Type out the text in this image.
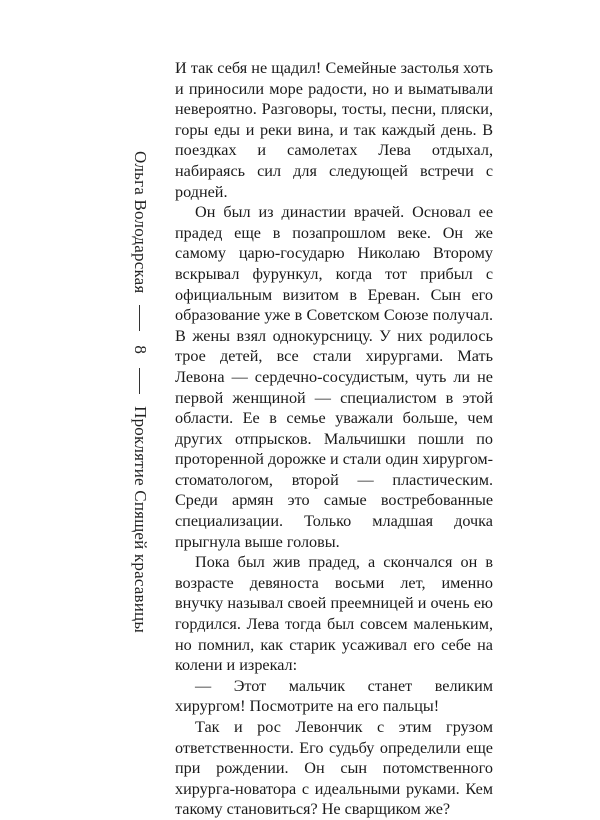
Ольга Володарская
8
Проклятие Спящей красавицы

И так себя не щадил! Семейные застолья хоть и приносили море радости, но и выматывали невероятно. Разговоры, тосты, песни, пляски, горы еды и реки вина, и так каждый день. В поездках и самолетах Лева отдыхал, набираясь сил для следующей встречи с родней.

Он был из династии врачей. Основал ее прадед еще в позапрошлом веке. Он же самому царю-государю Николаю Второму вскрывал фурункул, когда тот прибыл с официальным визитом в Ереван. Сын его образование уже в Советском Союзе получал. В жены взял однокурсницу. У них родилось трое детей, все стали хирургами. Мать Левона — сердечно-сосудистым, чуть ли не первой женщиной — специалистом в этой области. Ее в семье уважали больше, чем других отпрысков. Мальчишки пошли по проторенной дорожке и стали один хирургом-стоматологом, второй — пластическим. Среди армян это самые востребованные специализации. Только младшая дочка прыгнула выше головы.

Пока был жив прадед, а скончался он в возрасте девяноста восьми лет, именно внучку называл своей преемницей и очень ею гордился. Лева тогда был совсем маленьким, но помнил, как старик усаживал его себе на колени и изрекал:

— Этот мальчик станет великим хирургом! Посмотрите на его пальцы!

Так и рос Левончик с этим грузом ответственности. Его судьбу определили еще при рождении. Он сын потомственного хирурга-новатора с идеальными руками. Кем такому становиться? Не сварщиком же?
